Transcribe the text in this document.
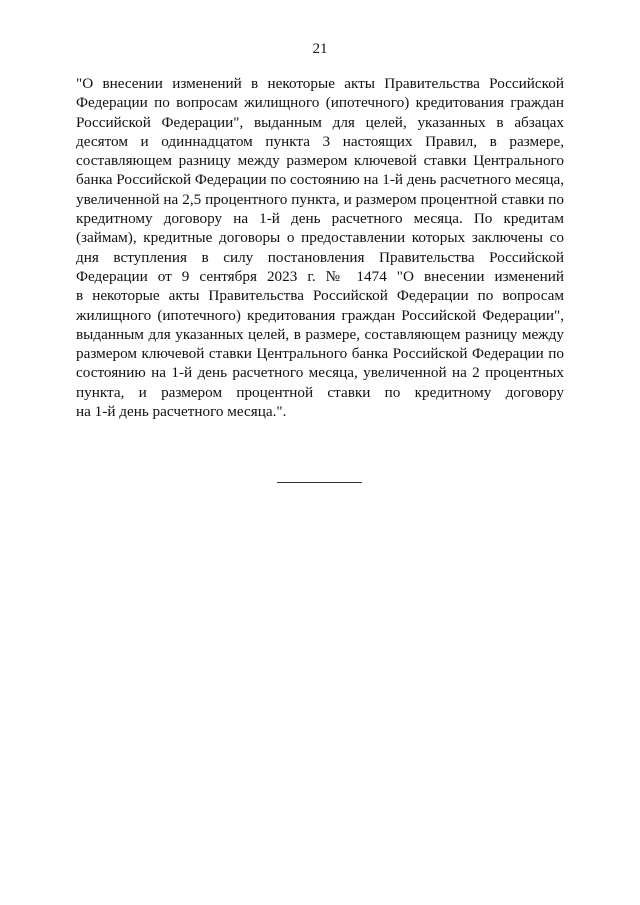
21
"О внесении изменений в некоторые акты Правительства Российской
Федерации по вопросам жилищного (ипотечного) кредитования граждан
Российской Федерации", выданным для целей, указанных в абзацах
десятом и одиннадцатом пункта 3 настоящих Правил, в размере,
составляющем разницу между размером ключевой ставки Центрального
банка Российской Федерации по состоянию на 1-й день расчетного месяца,
увеличенной на 2,5 процентного пункта, и размером процентной ставки по
кредитному договору на 1-й день расчетного месяца. По кредитам
(займам), кредитные договоры о предоставлении которых заключены со
дня вступления в силу постановления Правительства Российской
Федерации от 9 сентября 2023 г. № 1474 "О внесении изменений
в некоторые акты Правительства Российской Федерации по вопросам
жилищного (ипотечного) кредитования граждан Российской Федерации",
выданным для указанных целей, в размере, составляющем разницу между
размером ключевой ставки Центрального банка Российской Федерации по
состоянию на 1-й день расчетного месяца, увеличенной на 2 процентных
пункта, и размером процентной ставки по кредитному договору
на 1-й день расчетного месяца.".
